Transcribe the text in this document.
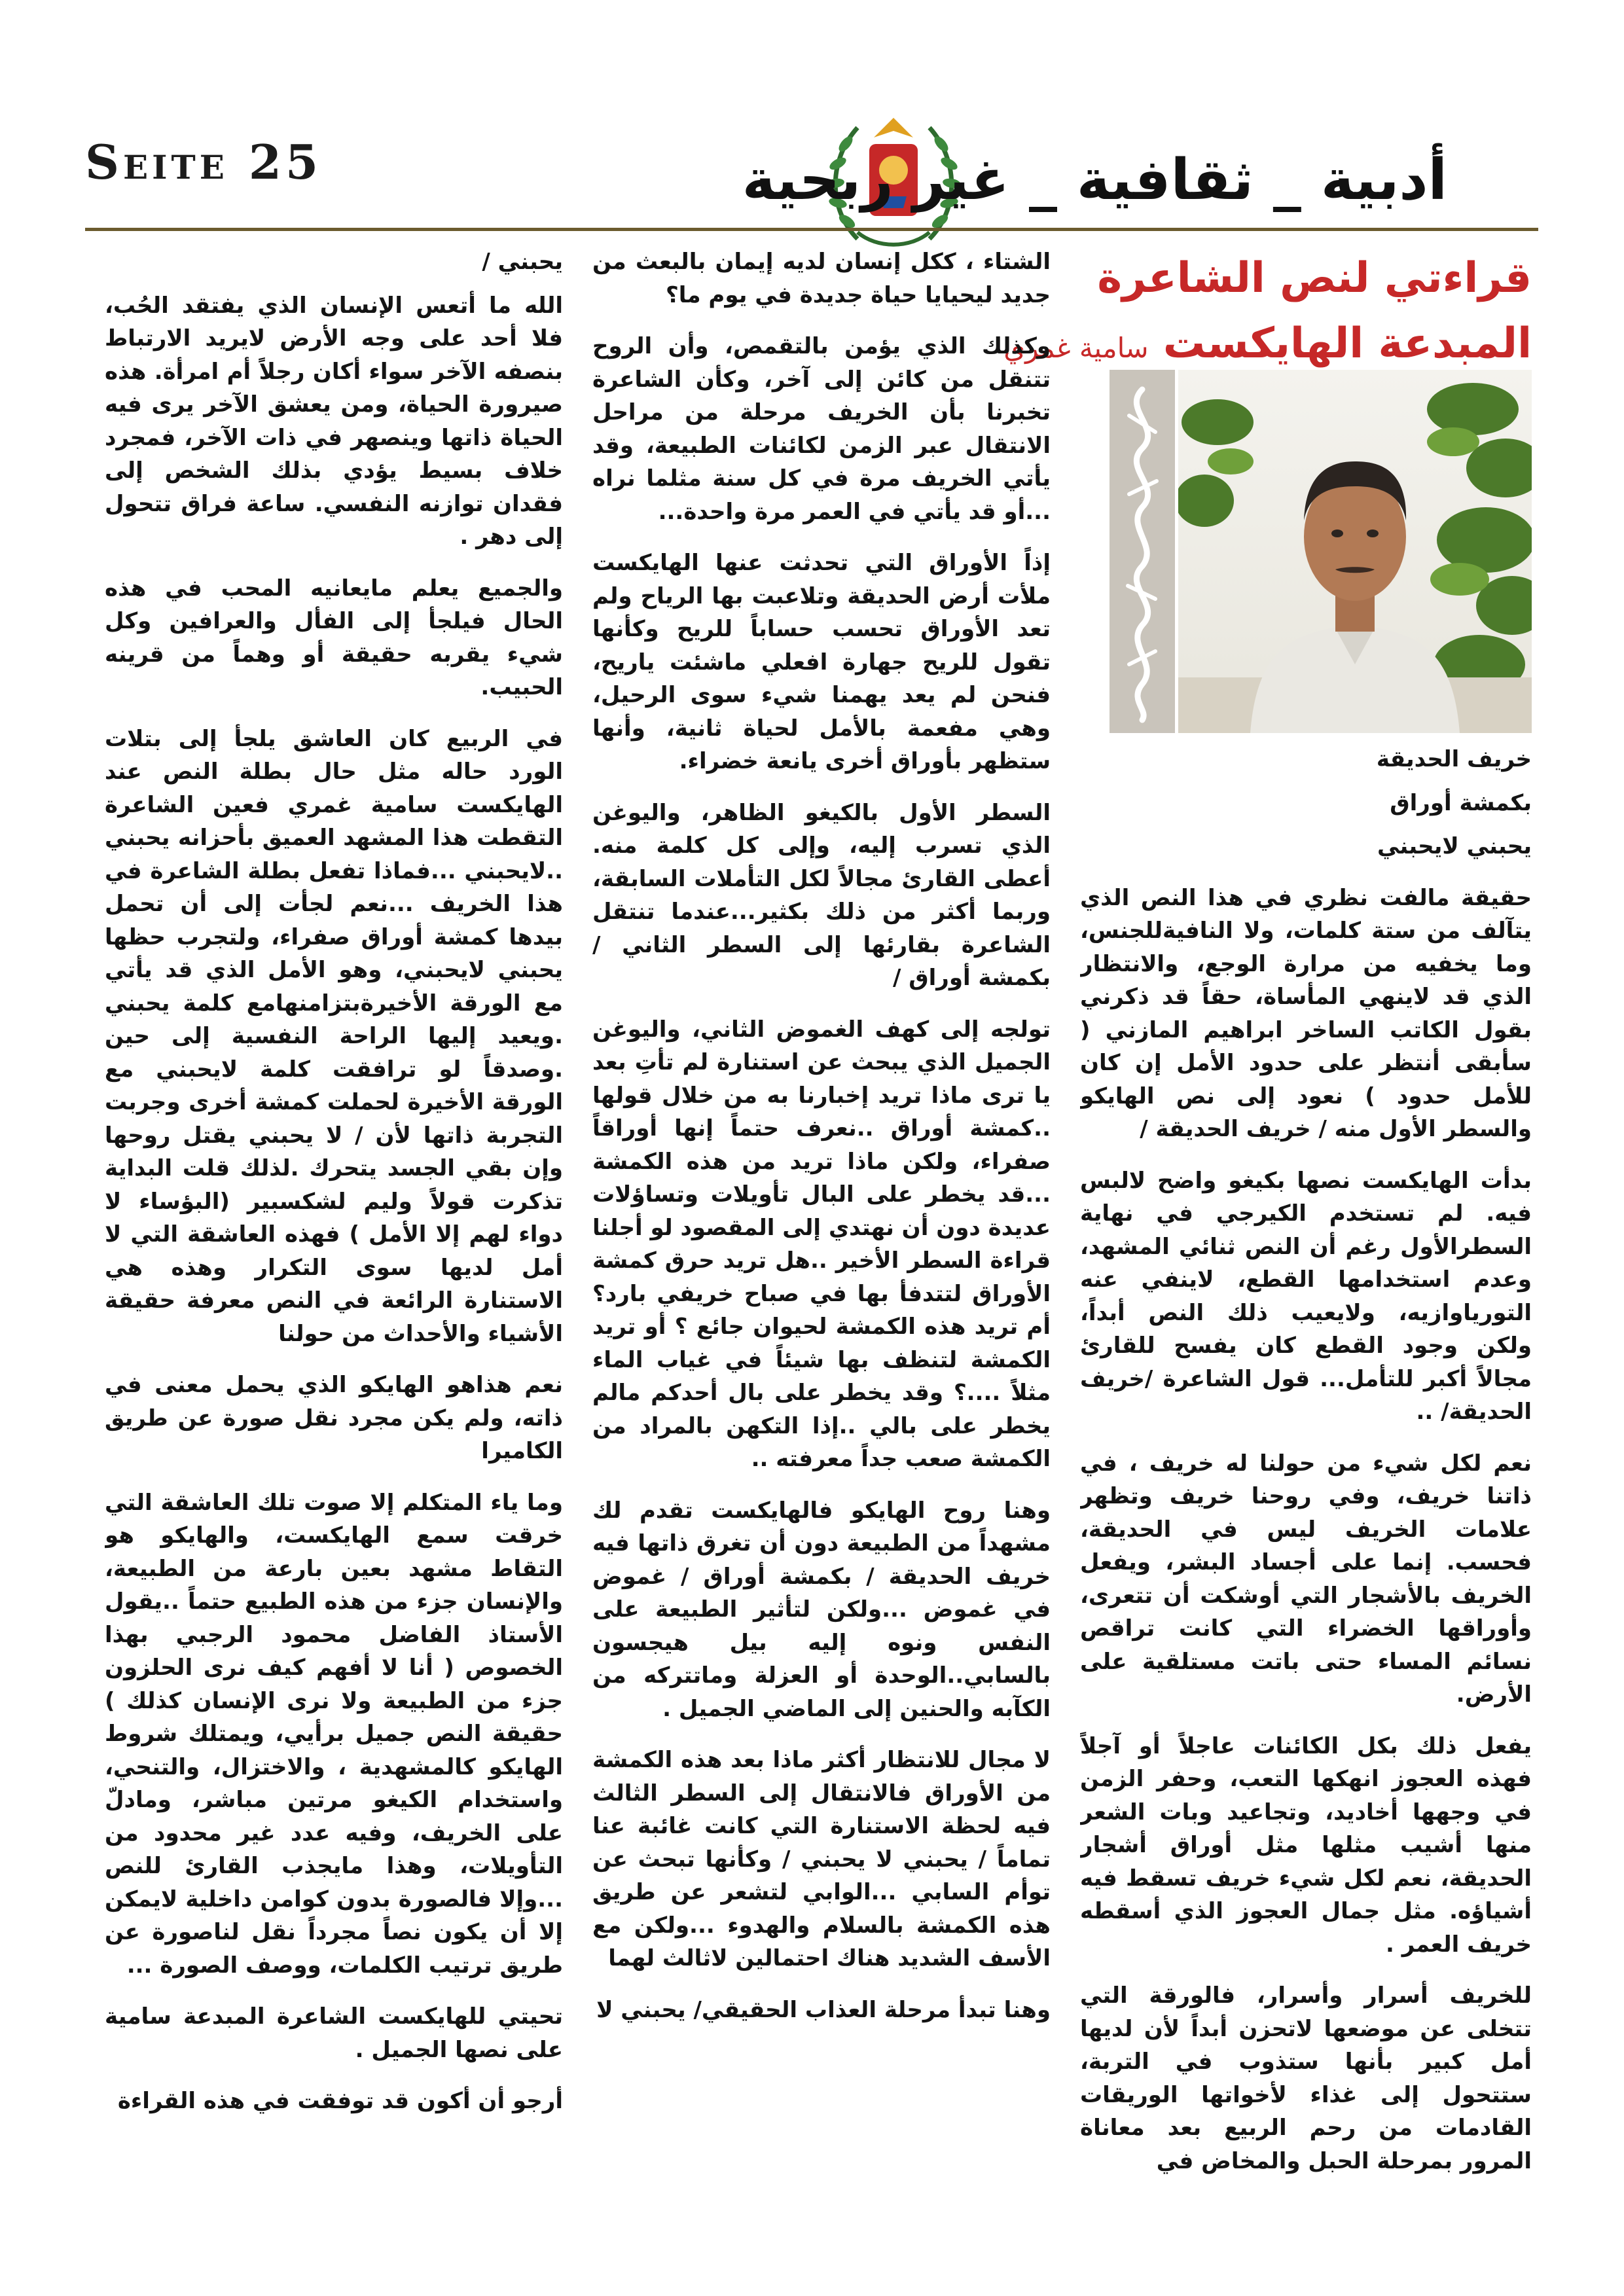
Seite 25	أدبية _ ثقافية _ غير ربحية
قراءتي لنص الشاعرة
المبدعة الهايكست سامية غمري

خريف الحديقة

بكمشة أوراق

يحبني لايحبني

حقيقة مالفت نظري في هذا النص الذي يتآلف من ستة كلمات، ولا النافيةللجنس، وما يخفيه من مرارة الوجع، والانتظار الذي قد لاينهي المأساة، حقاً قد ذكرني بقول الكاتب الساخر ابراهيم المازني ( سأبقى أنتظر على حدود الأمل إن كان للأمل حدود ) نعود إلى نص الهايكو والسطر الأول منه / خريف الحديقة /

بدأت الهايكست نصها بكيغو واضح لالبس فيه. لم تستخدم الكيرجي في نهاية السطرالأول رغم أن النص ثنائي المشهد، وعدم استخدامها القطع، لاينفي عنه التورياوازيه، ولايعيب ذلك النص أبداً، ولكن وجود القطع كان يفسح للقارئ مجالاً أكبر للتأمل... قول الشاعرة /خريف الحديقة/ ..

نعم لكل شيء من حولنا له خريف ، في ذاتنا خريف، وفي روحنا خريف وتظهر علامات الخريف ليس في الحديقة، فحسب. إنما على أجساد البشر، ويفعل الخريف بالأشجار التي أوشكت أن تتعرى، وأوراقها الخضراء التي كانت تراقص نسائم المساء حتى باتت مستلقية على الأرض.

يفعل ذلك بكل الكائنات عاجلاً أو آجلاً فهذه العجوز انهكها التعب، وحفر الزمن في وجهها أخاديد، وتجاعيد وبات الشعر منها أشيب مثلها مثل أوراق أشجار الحديقة، نعم لكل شيء خريف تسقط فيه أشياؤه. مثل جمال العجوز الذي أسقطه خريف العمر .

للخريف أسرار وأسرار، فالورقة التي تتخلى عن موضعها لاتحزن أبداً لأن لديها أمل كبير بأنها ستذوب في التربة، ستتحول إلى غذاء لأخواتها الوريقات القادمات من رحم الربيع بعد معاناة المرور بمرحلة الحبل والمخاض في

الشتاء ، ككل إنسان لديه إيمان بالبعث من جديد ليحيايا حياة جديدة في يوم ما؟

وكذلك الذي يؤمن بالتقمص، وأن الروح تتنقل من كائن إلى آخر، وكأن الشاعرة تخبرنا بأن الخريف مرحلة من مراحل الانتقال عبر الزمن لكائنات الطبيعة، وقد يأتي الخريف مرة في كل سنة مثلما نراه ...أو قد يأتي في العمر مرة واحدة...

إذاً الأوراق التي تحدثت عنها الهايكست ملأت أرض الحديقة وتلاعبت بها الرياح ولم تعد الأوراق تحسب حساباً للريح وكأنها تقول للريح جهارة افعلي ماشئت ياريح، فنحن لم يعد يهمنا شيء سوى الرحيل، وهي مفعمة بالأمل لحياة ثانية، وأنها ستظهر بأوراق أخرى يانعة خضراء.

السطر الأول بالكيغو الظاهر، واليوغن الذي تسرب إليه، وإلى كل كلمة منه. أعطى القارئ مجالاً لكل التأملات السابقة، وربما أكثر من ذلك بكثير...عندما تنتقل الشاعرة بقارئها إلى السطر الثاني / بكمشة أوراق /

تولجه إلى كهف الغموض الثاني، واليوغن الجميل الذي يبحث عن استنارة لم تأتِ بعد يا ترى ماذا تريد إخبارنا به من خلال قولها ..كمشة أوراق ..نعرف حتماً إنها أوراقاً صفراء، ولكن ماذا تريد من هذه الكمشة ...قد يخطر على البال تأويلات وتساؤلات عديدة دون أن نهتدي إلى المقصود لو أجلنا قراءة السطر الأخير ..هل تريد حرق كمشة الأوراق لتتدفأ بها في صباح خريفي بارد؟ أم تريد هذه الكمشة لحيوان جائع ؟ أو تريد الكمشة لتنظف بها شيئاً في غياب الماء مثلاً ....؟ وقد يخطر على بال أحدكم مالم يخطر على بالي ..إذا التكهن بالمراد من الكمشة صعب جداً معرفته ..

وهنا روح الهايكو فالهايكست تقدم لك مشهداً من الطبيعة دون أن تغرق ذاتها فيه خريف الحديقة / بكمشة أوراق / غموض في غموض ...ولكن لتأثير الطبيعة على النفس ونوه إليه بيل هيجسون بالسابي..الوحدة أو العزلة وماتتركه من الكآبه والحنين إلى الماضي الجميل .

لا مجال للانتظار أكثر ماذا بعد هذه الكمشة من الأوراق فالانتقال إلى السطر الثالث فيه لحظة الاستنارة التي كانت غائبة عنا تماماً / يحبني لا يحبني / وكأنها تبحث عن توأم السابي ...الوابي لتشعر عن طريق هذه الكمشة بالسلام والهدوء ...ولكن مع الأسف الشديد هناك احتمالين لاثالث لهما

وهنا تبدأ مرحلة العذاب الحقيقي/ يحبني لا

يحبني /

الله ما أتعس الإنسان الذي يفتقد الحُب، فلا أحد على وجه الأرض لايريد الارتباط بنصفه الآخر سواء أكان رجلاً أم امرأة. هذه صيرورة الحياة، ومن يعشق الآخر يرى فيه الحياة ذاتها وينصهر في ذات الآخر، فمجرد خلاف بسيط يؤدي بذلك الشخص إلى فقدان توازنه النفسي. ساعة فراق تتحول إلى دهر .

والجميع يعلم مايعانيه المحب في هذه الحال فيلجأ إلى الفأل والعرافين وكل شيء يقربه حقيقة أو وهماً من قرينه الحبيب.

في الربيع كان العاشق يلجأ إلى بتلات الورد حاله مثل حال بطلة النص عند الهايكست سامية غمري فعين الشاعرة التقطت هذا المشهد العميق بأحزانه يحبني ..لايحبني ...فماذا تفعل بطلة الشاعرة في هذا الخريف ...نعم لجأت إلى أن تحمل بيدها كمشة أوراق صفراء، ولتجرب حظها يحبني لايحبني، وهو الأمل الذي قد يأتي مع الورقة الأخيرةبتزامنهامع كلمة يحبني .ويعيد إليها الراحة النفسية إلى حين .وصدقاً لو ترافقت كلمة لايحبني مع الورقة الأخيرة لحملت كمشة أخرى وجربت التجربة ذاتها لأن / لا يحبني يقتل روحها وإن بقي الجسد يتحرك .لذلك قلت البداية تذكرت قولاً وليم لشكسبير (البؤساء لا دواء لهم إلا الأمل ) فهذه العاشقة التي لا أمل لديها سوى التكرار وهذه هي الاستنارة الرائعة في النص معرفة حقيقة الأشياء والأحداث من حولنا

نعم هذاهو الهايكو الذي يحمل معنى في ذاته، ولم يكن مجرد نقل صورة عن طريق الكاميرا

وما ياء المتكلم إلا صوت تلك العاشقة التي خرقت سمع الهايكست، والهايكو هو التقاط مشهد بعين بارعة من الطبيعة، والإنسان جزء من هذه الطبيع حتماً ..يقول الأستاذ الفاضل محمود الرجبي بهذا الخصوص ( أنا لا أفهم كيف نرى الحلزون جزء من الطبيعة ولا نرى الإنسان كذلك ) حقيقة النص جميل برأيي، ويمتلك شروط الهايكو كالمشهدية ، والاختزال، والتنحي، واستخدام الكيغو مرتين مباشر، ومادلّ على الخريف، وفيه عدد غير محدود من التأويلات، وهذا مايجذب القارئ للنص ...وإلا فالصورة بدون كوامن داخلية لايمكن إلا أن يكون نصاً مجرداً نقل لناصورة عن طريق ترتيب الكلمات، ووصف الصورة ...

تحيتي للهايكست الشاعرة المبدعة سامية على نصها الجميل .

أرجو أن أكون قد توفقت في هذه القراءة
